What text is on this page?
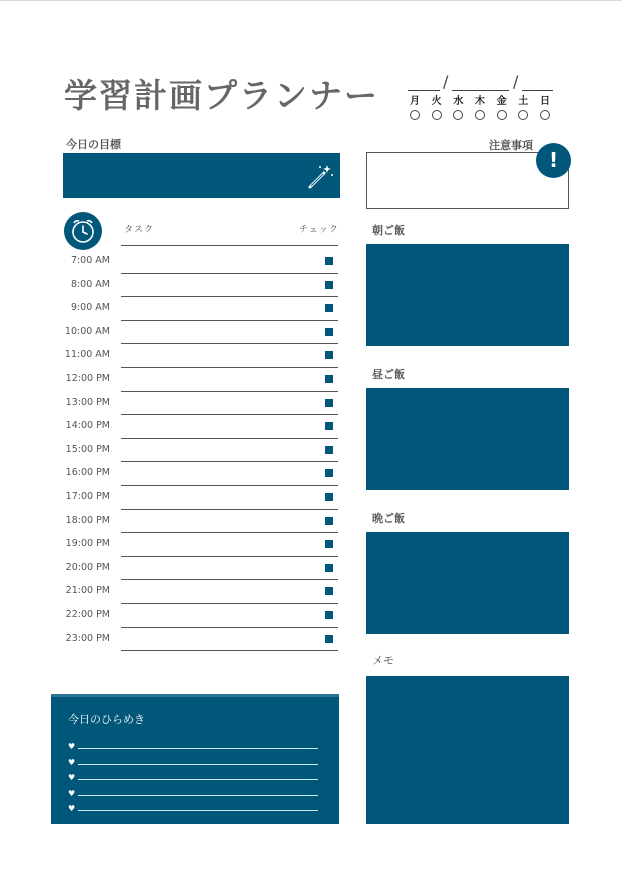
学習計画プランナー	/	/
月	火	水	木	金	土	日
今日の目標	注意事項
!
タスク	チェック
7:00 AM
8:00 AM
9:00 AM
10:00 AM
11:00 AM
12:00 PM
13:00 PM
14:00 PM
15:00 PM
16:00 PM
17:00 PM
18:00 PM
19:00 PM
20:00 PM
21:00 PM
22:00 PM
23:00 PM
朝ご飯
昼ご飯
晩ご飯
メモ
今日のひらめき
♥
♥
♥
♥
♥
